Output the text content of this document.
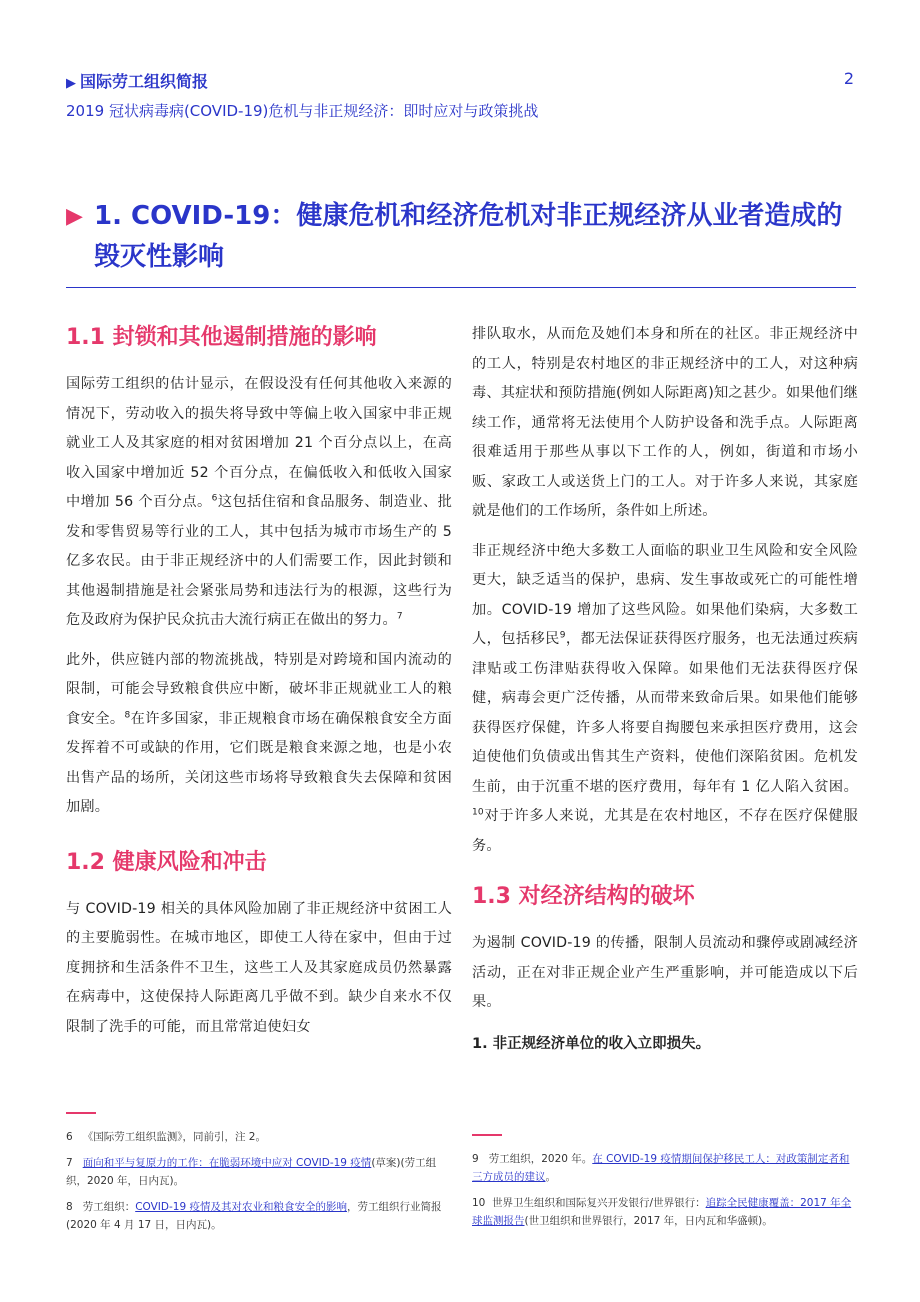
▶ 国际劳工组织简报	2
2019 冠状病毒病(COVID-19)危机与非正规经济：即时应对与政策挑战
▶ 1. COVID-19：健康危机和经济危机对非正规经济从业者造成的毁灭性影响
1.1 封锁和其他遏制措施的影响

国际劳工组织的估计显示，在假设没有任何其他收入来源的情况下，劳动收入的损失将导致中等偏上收入国家中非正规就业工人及其家庭的相对贫困增加 21 个百分点以上，在高收入国家中增加近 52 个百分点，在偏低收入和低收入国家中增加 56 个百分点。$^6$这包括住宿和食品服务、制造业、批发和零售贸易等行业的工人，其中包括为城市市场生产的 5 亿多农民。由于非正规经济中的人们需要工作，因此封锁和其他遏制措施是社会紧张局势和违法行为的根源，这些行为危及政府为保护民众抗击大流行病正在做出的努力。$^7$

此外，供应链内部的物流挑战，特别是对跨境和国内流动的限制，可能会导致粮食供应中断，破坏非正规就业工人的粮食安全。$^8$在许多国家，非正规粮食市场在确保粮食安全方面发挥着不可或缺的作用，它们既是粮食来源之地，也是小农出售产品的场所，关闭这些市场将导致粮食失去保障和贫困加剧。

1.2 健康风险和冲击

与 COVID-19 相关的具体风险加剧了非正规经济中贫困工人的主要脆弱性。在城市地区，即使工人待在家中，但由于过度拥挤和生活条件不卫生，这些工人及其家庭成员仍然暴露在病毒中，这使保持人际距离几乎做不到。缺少自来水不仅限制了洗手的可能，而且常常迫使妇女

排队取水，从而危及她们本身和所在的社区。非正规经济中的工人，特别是农村地区的非正规经济中的工人，对这种病毒、其症状和预防措施(例如人际距离)知之甚少。如果他们继续工作，通常将无法使用个人防护设备和洗手点。人际距离很难适用于那些从事以下工作的人，例如，街道和市场小贩、家政工人或送货上门的工人。对于许多人来说，其家庭就是他们的工作场所，条件如上所述。

非正规经济中绝大多数工人面临的职业卫生风险和安全风险更大，缺乏适当的保护，患病、发生事故或死亡的可能性增加。COVID-19 增加了这些风险。如果他们染病，大多数工人，包括移民$^9$，都无法保证获得医疗服务，也无法通过疾病津贴或工伤津贴获得收入保障。如果他们无法获得医疗保健，病毒会更广泛传播，从而带来致命后果。如果他们能够获得医疗保健，许多人将要自掏腰包来承担医疗费用，这会迫使他们负债或出售其生产资料，使他们深陷贫困。危机发生前，由于沉重不堪的医疗费用，每年有 1 亿人陷入贫困。$^{10}$对于许多人来说，尤其是在农村地区，不存在医疗保健服务。

1.3 对经济结构的破坏

为遏制 COVID-19 的传播，限制人员流动和骤停或剧减经济活动，正在对非正规企业产生严重影响，并可能造成以下后果。

1. 非正规经济单位的收入立即损失。
6 《国际劳工组织监测》，同前引，注 2。
7 面向和平与复原力的工作：在脆弱环境中应对 COVID-19 疫情(草案)(劳工组织，2020 年，日内瓦)。
8 劳工组织：COVID-19 疫情及其对农业和粮食安全的影响，劳工组织行业简报(2020 年 4 月 17 日，日内瓦)。
9 劳工组织，2020 年。在 COVID-19 疫情期间保护移民工人：对政策制定者和三方成员的建议。
10 世界卫生组织和国际复兴开发银行/世界银行：追踪全民健康覆盖：2017 年全球监测报告(世卫组织和世界银行，2017 年，日内瓦和华盛顿)。
